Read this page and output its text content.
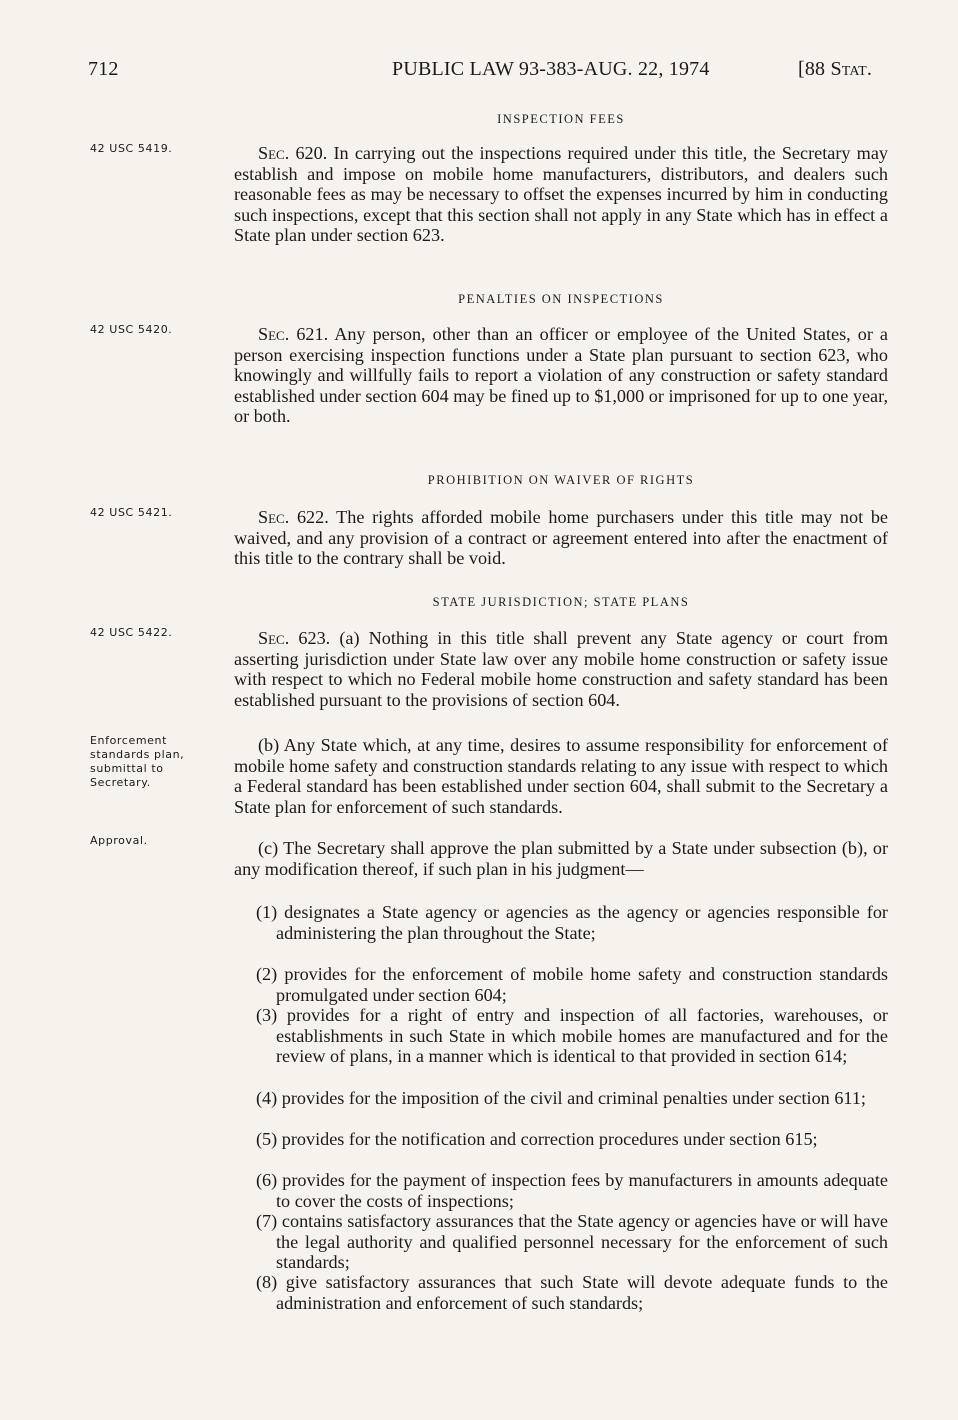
712	PUBLIC LAW 93-383-AUG. 22, 1974	[88 Stat.
INSPECTION FEES
42 USC 5419.	Sec. 620. In carrying out the inspections required under this title, the Secretary may establish and impose on mobile home manufacturers, distributors, and dealers such reasonable fees as may be necessary to offset the expenses incurred by him in conducting such inspections, except that this section shall not apply in any State which has in effect a State plan under section 623.

PENALTIES ON INSPECTIONS
42 USC 5420.	Sec. 621. Any person, other than an officer or employee of the United States, or a person exercising inspection functions under a State plan pursuant to section 623, who knowingly and willfully fails to report a violation of any construction or safety standard established under section 604 may be fined up to $1,000 or imprisoned for up to one year, or both.

PROHIBITION ON WAIVER OF RIGHTS
42 USC 5421.	Sec. 622. The rights afforded mobile home purchasers under this title may not be waived, and any provision of a contract or agreement entered into after the enactment of this title to the contrary shall be void.

STATE JURISDICTION; STATE PLANS
42 USC 5422.	Sec. 623. (a) Nothing in this title shall prevent any State agency or court from asserting jurisdiction under State law over any mobile home construction or safety issue with respect to which no Federal mobile home construction and safety standard has been established pursuant to the provisions of section 604.

Enforcement standards plan, submittal to Secretary.

(b) Any State which, at any time, desires to assume responsibility for enforcement of mobile home safety and construction standards relating to any issue with respect to which a Federal standard has been established under section 604, shall submit to the Secretary a State plan for enforcement of such standards.

Approval.	(c) The Secretary shall approve the plan submitted by a State under subsection (b), or any modification thereof, if such plan in his judgment—

(1) designates a State agency or agencies as the agency or agencies responsible for administering the plan throughout the State;
(2) provides for the enforcement of mobile home safety and construction standards promulgated under section 604;
(3) provides for a right of entry and inspection of all factories, warehouses, or establishments in such State in which mobile homes are manufactured and for the review of plans, in a manner which is identical to that provided in section 614;
(4) provides for the imposition of the civil and criminal penalties under section 611;
(5) provides for the notification and correction procedures under section 615;
(6) provides for the payment of inspection fees by manufacturers in amounts adequate to cover the costs of inspections;
(7) contains satisfactory assurances that the State agency or agencies have or will have the legal authority and qualified personnel necessary for the enforcement of such standards;
(8) give satisfactory assurances that such State will devote adequate funds to the administration and enforcement of such standards;
